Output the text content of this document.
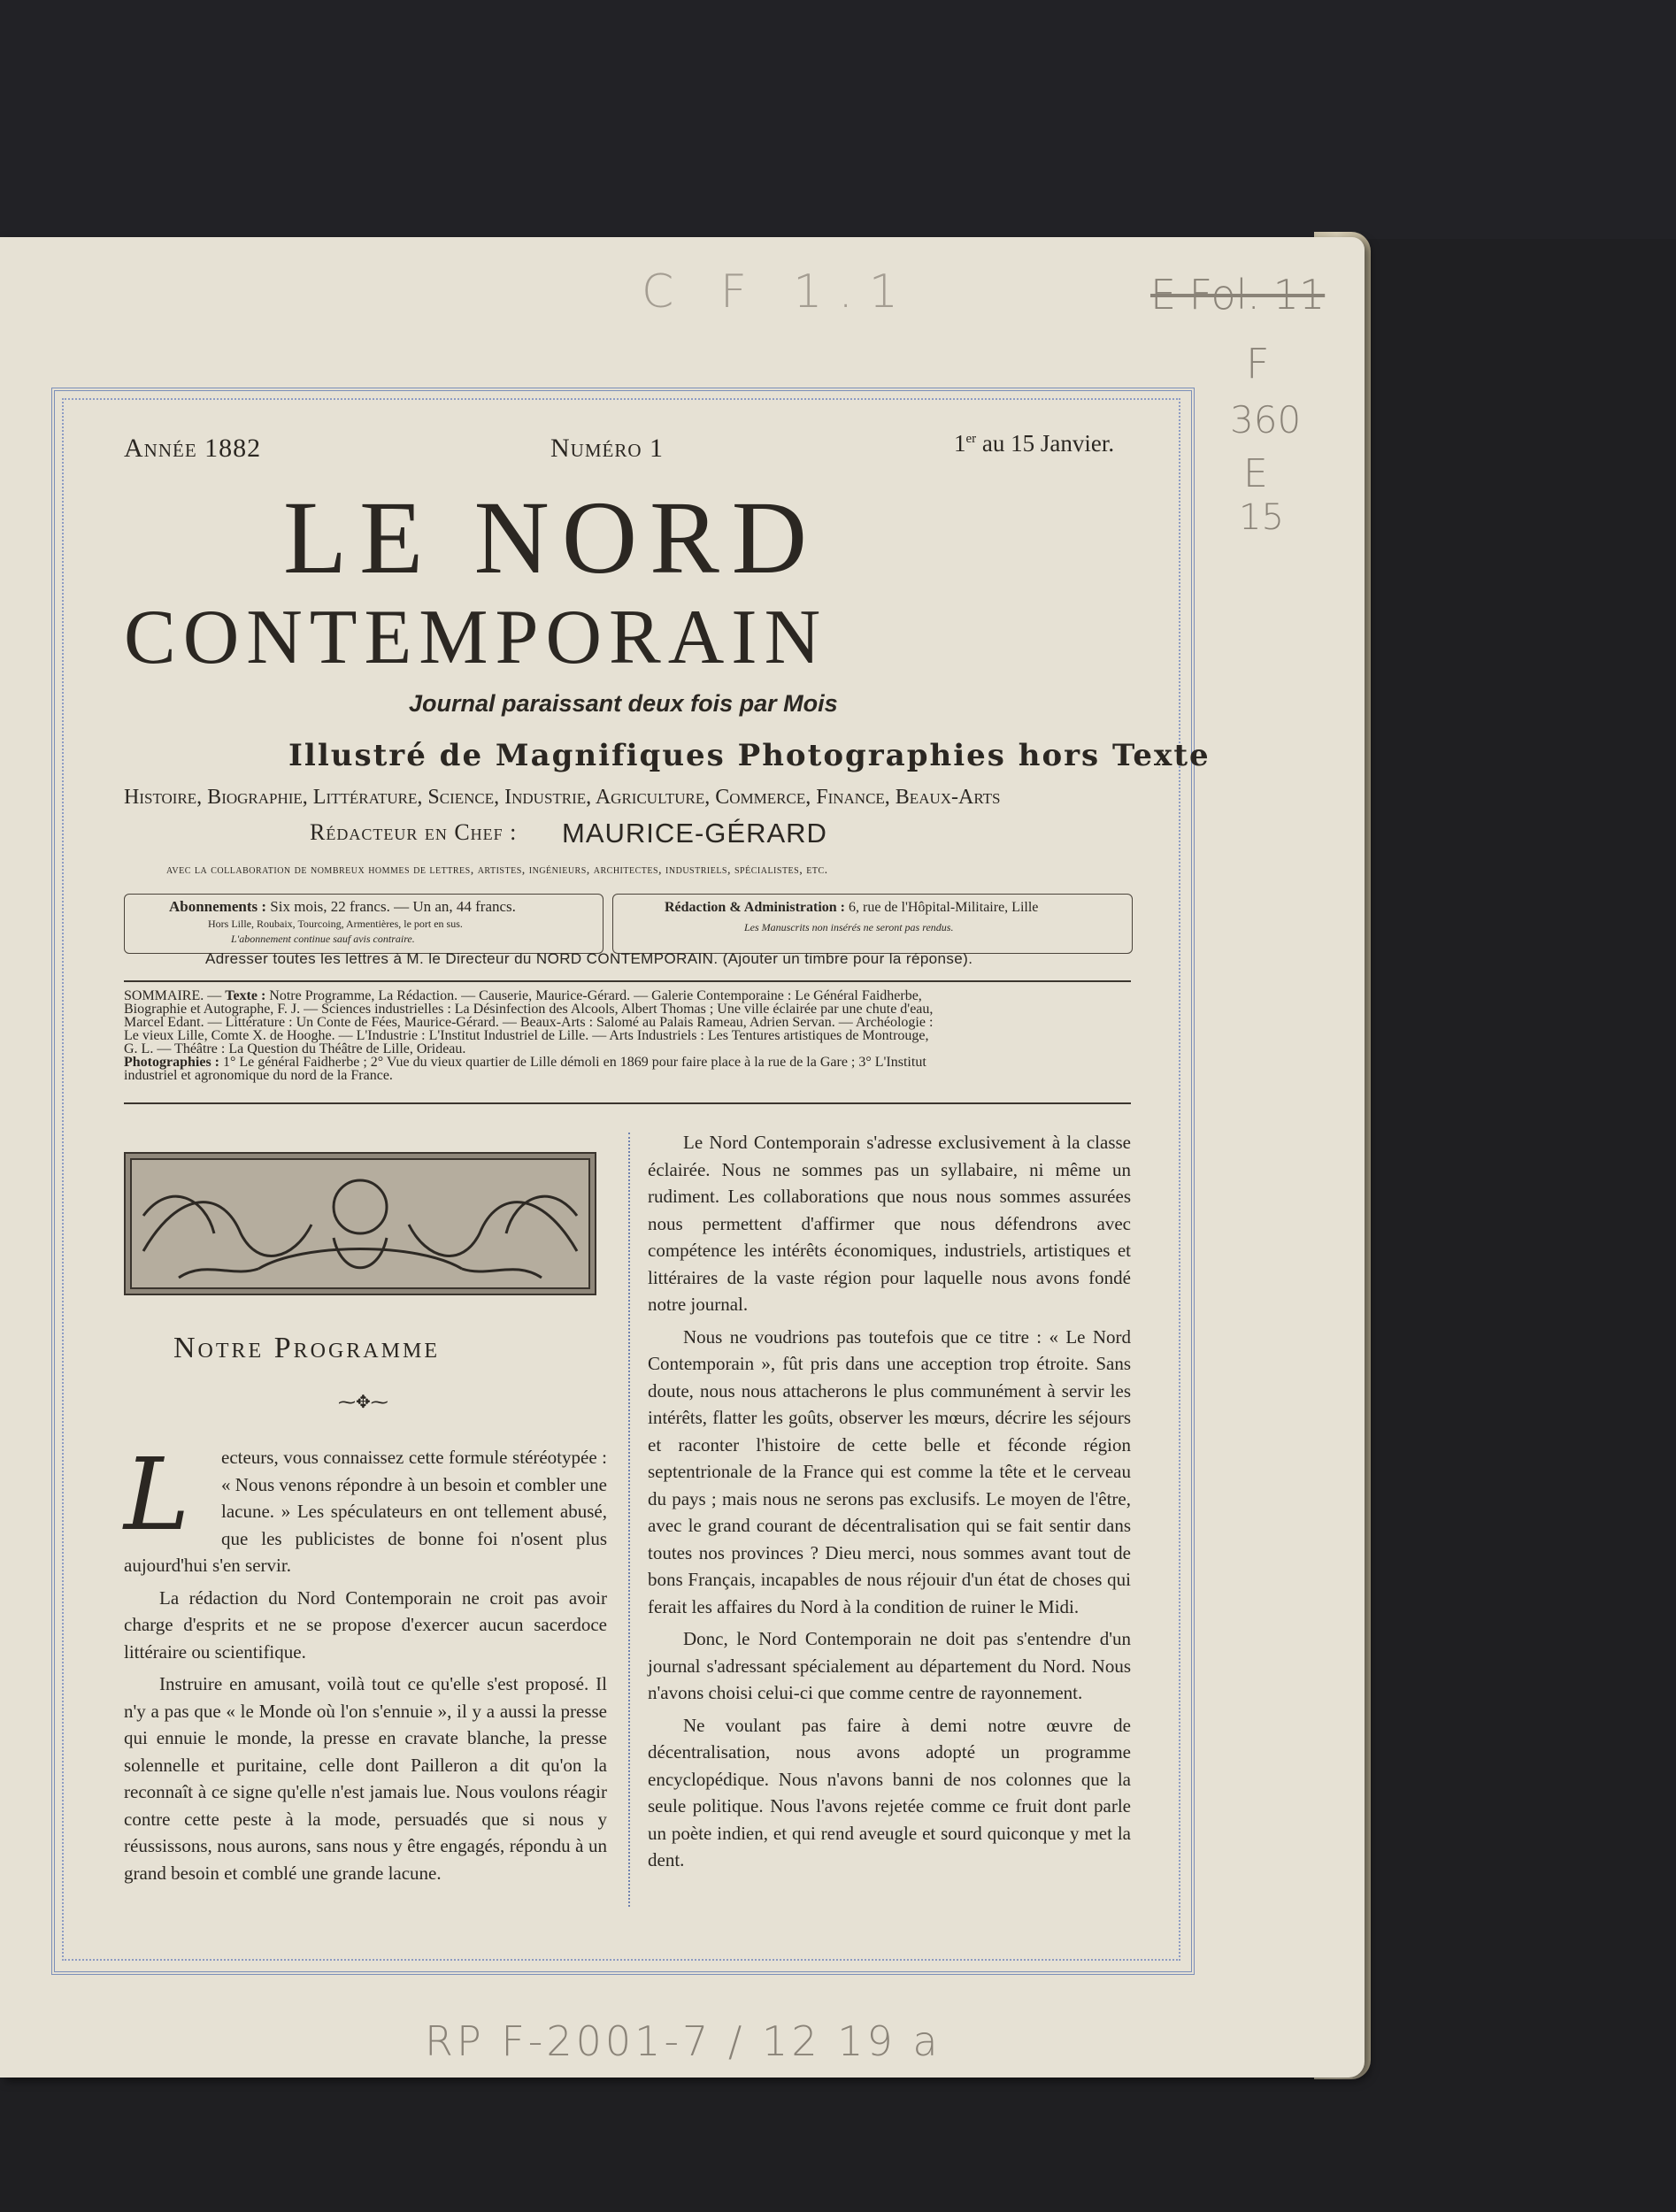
C F 1.1	E Fol. 11
F
360
E
15
RP F-2001-7 / 12 19 a
Année 1882	Numéro 1	1er au 15 Janvier.
LE NORD
CONTEMPORAIN
Journal paraissant deux fois par Mois
Illustré de Magnifiques Photographies hors Texte
Histoire, Biographie, Littérature, Science, Industrie, Agriculture, Commerce, Finance, Beaux-Arts
Rédacteur en Chef : MAURICE-GÉRARD
avec la collaboration de nombreux hommes de lettres, artistes, ingénieurs, architectes, industriels, spécialistes, etc.
Abonnements : Six mois, 22 francs. — Un an, 44 francs.
Hors Lille, Roubaix, Tourcoing, Armentières, le port en sus.
L'abonnement continue sauf avis contraire.
Rédaction & Administration : 6, rue de l'Hôpital-Militaire, Lille
Les Manuscrits non insérés ne seront pas rendus.
Adresser toutes les lettres à M. le Directeur du NORD CONTEMPORAIN. (Ajouter un timbre pour la réponse).
SOMMAIRE. — Texte : Notre Programme, La Rédaction. — Causerie, Maurice-Gérard. — Galerie Contemporaine : Le Général Faidherbe,
Biographie et Autographe, F. J. — Sciences industrielles : La Désinfection des Alcools, Albert Thomas ; Une ville éclairée par une chute d'eau,
Marcel Edant. — Littérature : Un Conte de Fées, Maurice-Gérard. — Beaux-Arts : Salomé au Palais Rameau, Adrien Servan. — Archéologie :
Le vieux Lille, Comte X. de Hooghe. — L'Industrie : L'Institut Industriel de Lille. — Arts Industriels : Les Tentures artistiques de Montrouge,
G. L. — Théâtre : La Question du Théâtre de Lille, Orideau.
Photographies : 1° Le général Faidherbe ; 2° Vue du vieux quartier de Lille démoli en 1869 pour faire place à la rue de la Gare ; 3° L'Institut
industriel et agronomique du nord de la France.
Notre Programme
⁓✥⁓
L	ecteurs, vous connaissez cette formule stéréotypée : « Nous venons répondre à un besoin et combler une lacune. » Les spéculateurs en ont tellement abusé, que les publicistes de bonne foi n'osent plus aujourd'hui s'en servir.

La rédaction du Nord Contemporain ne croit pas avoir charge d'esprits et ne se propose d'exercer aucun sacerdoce littéraire ou scientifique.

Instruire en amusant, voilà tout ce qu'elle s'est proposé. Il n'y a pas que « le Monde où l'on s'ennuie », il y a aussi la presse qui ennuie le monde, la presse en cravate blanche, la presse solennelle et puritaine, celle dont Pailleron a dit qu'on la reconnaît à ce signe qu'elle n'est jamais lue. Nous voulons réagir contre cette peste à la mode, persuadés que si nous y réussissons, nous aurons, sans nous y être engagés, répondu à un grand besoin et comblé une grande lacune.

Le Nord Contemporain s'adresse exclusivement à la classe éclairée. Nous ne sommes pas un syllabaire, ni même un rudiment. Les collaborations que nous nous sommes assurées nous permettent d'affirmer que nous défendrons avec compétence les intérêts économiques, industriels, artistiques et littéraires de la vaste région pour laquelle nous avons fondé notre journal.

Nous ne voudrions pas toutefois que ce titre : « Le Nord Contemporain », fût pris dans une acception trop étroite. Sans doute, nous nous attacherons le plus communément à servir les intérêts, flatter les goûts, observer les mœurs, décrire les séjours et raconter l'histoire de cette belle et féconde région septentrionale de la France qui est comme la tête et le cerveau du pays ; mais nous ne serons pas exclusifs. Le moyen de l'être, avec le grand courant de décentralisation qui se fait sentir dans toutes nos provinces ? Dieu merci, nous sommes avant tout de bons Français, incapables de nous réjouir d'un état de choses qui ferait les affaires du Nord à la condition de ruiner le Midi.

Donc, le Nord Contemporain ne doit pas s'entendre d'un journal s'adressant spécialement au département du Nord. Nous n'avons choisi celui-ci que comme centre de rayonnement.

Ne voulant pas faire à demi notre œuvre de décentralisation, nous avons adopté un programme encyclopédique. Nous n'avons banni de nos colonnes que la seule politique. Nous l'avons rejetée comme ce fruit dont parle un poète indien, et qui rend aveugle et sourd quiconque y met la dent.
